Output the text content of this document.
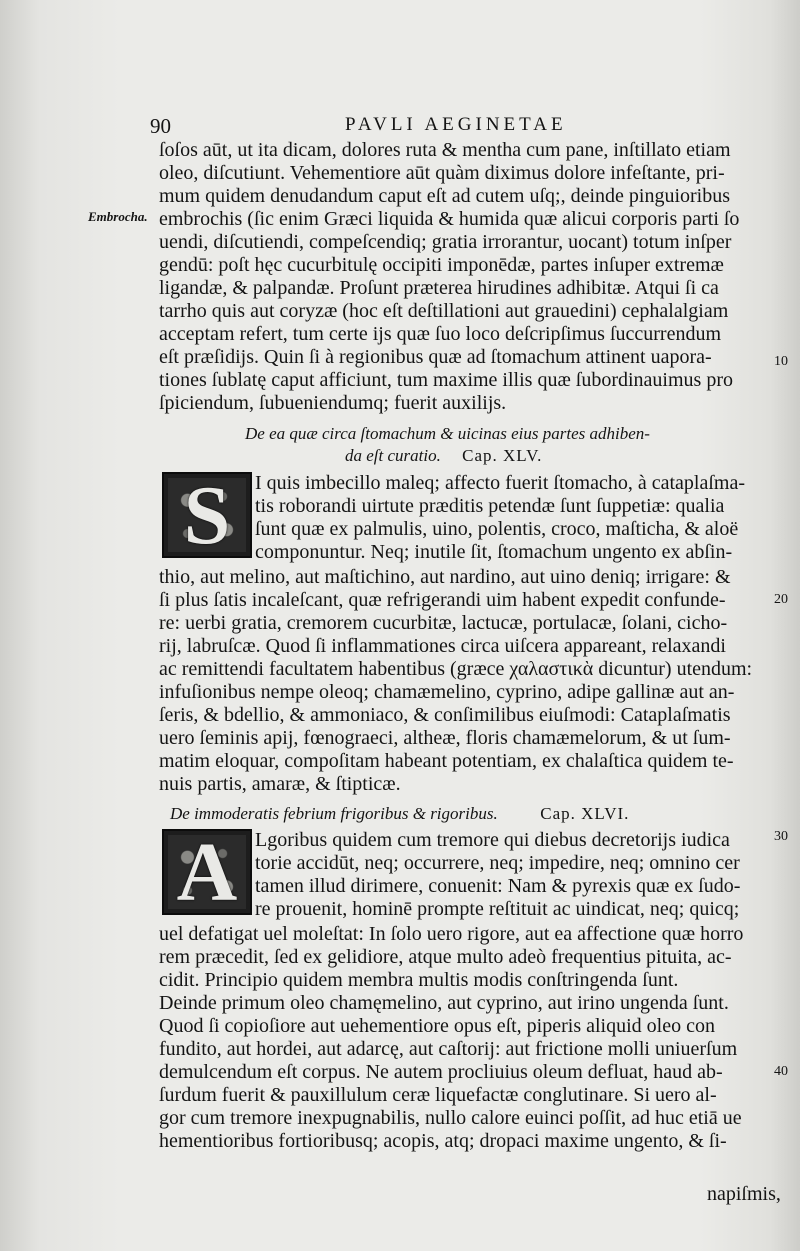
90	PAVLI AEGINETAE
Embrocha.
ſoſos aūt, ut ita dicam, dolores ruta & mentha cum pane, inſtillato etiam
oleo, diſcutiunt. Vehementiore aūt quàm diximus dolore infeſtante, pri-
mum quidem denudandum caput eſt ad cutem uſq;, deinde pinguioribus
embrochis (ſic enim Græci liquida & humida quæ alicui corporis parti ſo
uendi, diſcutiendi, compeſcendiq; gratia irrorantur, uocant) totum inſper
gendū: poſt hęc cucurbitulę occipiti imponēdæ, partes inſuper extremæ
ligandæ, & palpandæ. Proſunt præterea hirudines adhibitæ. Atqui ſi ca
tarrho quis aut coryzæ (hoc eſt deſtillationi aut grauedini) cephalalgiam
acceptam refert, tum certe ijs quæ ſuo loco deſcripſimus ſuccurrendum
eſt præſidijs. Quin ſi à regionibus quæ ad ſtomachum attinent uapora-
tiones ſublatę caput afficiunt, tum maxime illis quæ ſubordinauimus pro
ſpiciendum, ſubueniendumq; fuerit auxilijs.
De ea quæ circa ſtomachum & uicinas eius partes adhiben-
da eſt curatio. Cap. XLV.
S	I quis imbecillo maleq; affecto fuerit ſtomacho, à cataplaſma-
tis roborandi uirtute præditis petendæ ſunt ſuppetiæ: qualia
ſunt quæ ex palmulis, uino, polentis, croco, maſticha, & aloë
componuntur. Neq; inutile ſit, ſtomachum ungento ex abſin-
thio, aut melino, aut maſtichino, aut nardino, aut uino deniq; irrigare: &
ſi plus ſatis incaleſcant, quæ refrigerandi uim habent expedit confunde-
re: uerbi gratia, cremorem cucurbitæ, lactucæ, portulacæ, ſolani, cicho-
rij, labruſcæ. Quod ſi inflammationes circa uiſcera appareant, relaxandi
ac remittendi facultatem habentibus (græce χαλαστικὰ dicuntur) utendum:
infuſionibus nempe oleoq; chamæmelino, cyprino, adipe gallinæ aut an-
ſeris, & bdellio, & ammoniaco, & conſimilibus eiuſmodi: Cataplaſmatis
uero ſeminis apij, fœnograeci, altheæ, floris chamæmelorum, & ut ſum-
matim eloquar, compoſitam habeant potentiam, ex chalaſtica quidem te-
nuis partis, amaræ, & ſtipticæ.
De immoderatis febrium frigoribus & rigoribus.	Cap. XLVI.
A Lgoribus quidem cum tremore qui diebus decretorijs iudica
torie accidūt, neq; occurrere, neq; impedire, neq; omnino cer
tamen illud dirimere, conuenit: Nam & pyrexis quæ ex ſudo-
re prouenit, hominē prompte reſtituit ac uindicat, neq; quicq;
uel defatigat uel moleſtat: In ſolo uero rigore, aut ea affectione quæ horro
rem præcedit, ſed ex gelidiore, atque multo adeò frequentius pituita, ac-
cidit. Principio quidem membra multis modis conſtringenda ſunt.
Deinde primum oleo chamęmelino, aut cyprino, aut irino ungenda ſunt.
Quod ſi copioſiore aut uehementiore opus eſt, piperis aliquid oleo con
fundito, aut hordei, aut adarcę, aut caſtorij: aut frictione molli uniuerſum
demulcendum eſt corpus. Ne autem procliuius oleum defluat, haud ab-
ſurdum fuerit & pauxillulum ceræ liquefactæ conglutinare. Si uero al-
gor cum tremore inexpugnabilis, nullo calore euinci poſſit, ad huc etiā ue
hementioribus fortioribusq; acopis, atq; dropaci maxime ungento, & ſi-
10
20
30
40
napiſmis,
